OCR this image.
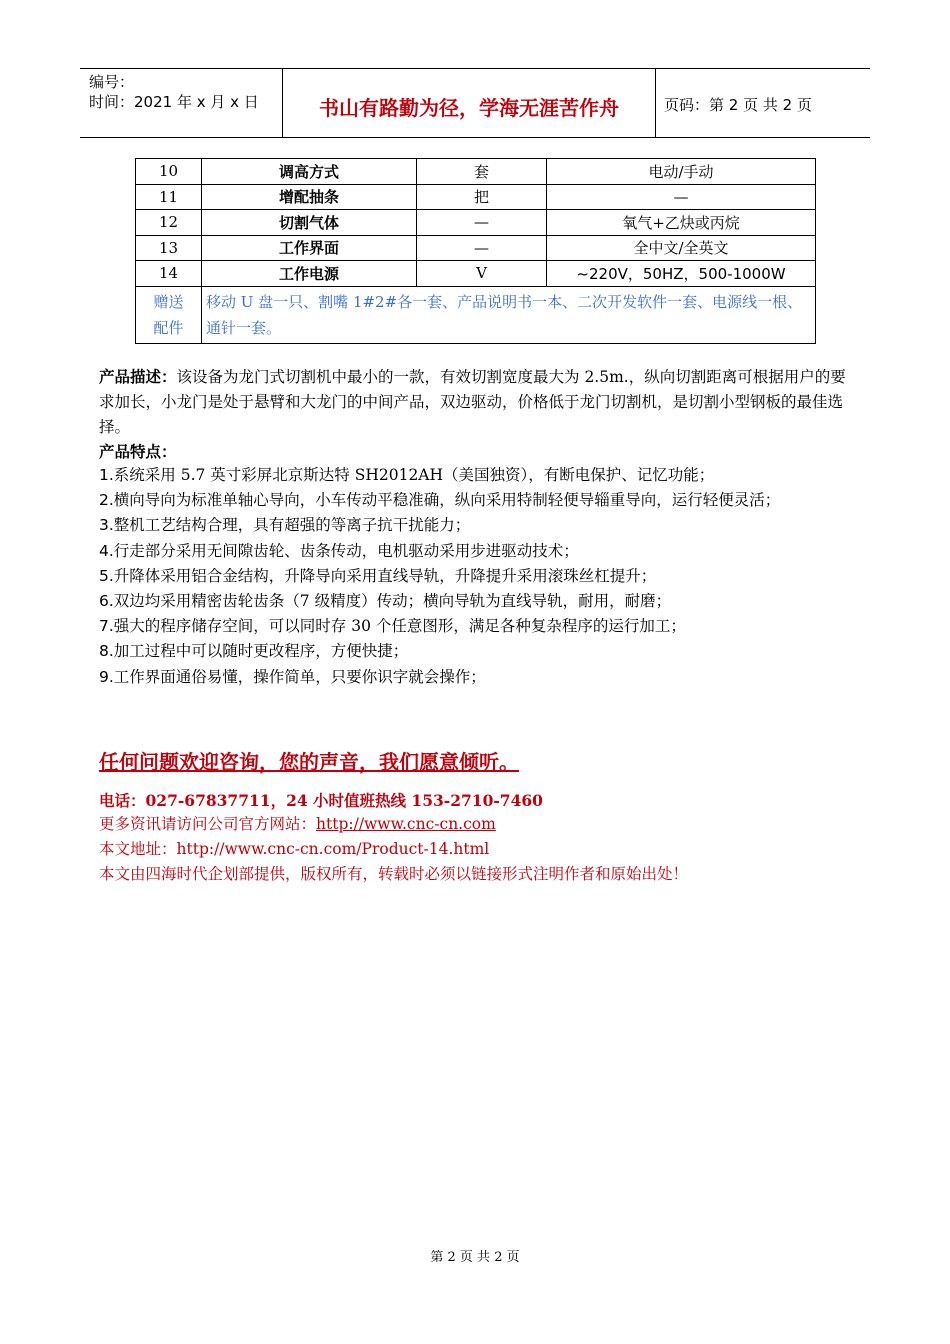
编号：
时间：2021 年 x 月 x 日	书山有路勤为径，学海无涯苦作舟	页码：第 2 页 共 2 页
10	调高方式	套	电动/手动
11	增配抽条	把	—
12	切割气体	—	氧气+乙炔或丙烷
13	工作界面	—	全中文/全英文
14	工作电源	V	~220V，50HZ，500-1000W

赠送
配件	移动 U 盘一只、割嘴 1#2#各一套、产品说明书一本、二次开发软件一套、电源线一根、通针一套。		
产品描述：该设备为龙门式切割机中最小的一款，有效切割宽度最大为 2.5m.，纵向切割距离可根据用户的要求加长，小龙门是处于悬臂和大龙门的中间产品，双边驱动，价格低于龙门切割机，是切割小型钢板的最佳选择。
产品特点：
1.系统采用 5.7 英寸彩屏北京斯达特 SH2012AH（美国独资），有断电保护、记忆功能；
2.横向导向为标准单轴心导向，小车传动平稳准确，纵向采用特制轻便导辎重导向，运行轻便灵活；
3.整机工艺结构合理，具有超强的等离子抗干扰能力；
4.行走部分采用无间隙齿轮、齿条传动，电机驱动采用步进驱动技术；
5.升降体采用铝合金结构，升降导向采用直线导轨，升降提升采用滚珠丝杠提升；
6.双边均采用精密齿轮齿条（7 级精度）传动；横向导轨为直线导轨，耐用，耐磨；
7.强大的程序储存空间，可以同时存 30 个任意图形，满足各种复杂程序的运行加工；
8.加工过程中可以随时更改程序，方便快捷；
9.工作界面通俗易懂，操作简单，只要你识字就会操作；
任何问题欢迎咨询，您的声音，我们愿意倾听。
电话：027-67837711，24 小时值班热线 153-2710-7460
更多资讯请访问公司官方网站：http://www.cnc-cn.com
本文地址：http://www.cnc-cn.com/Product-14.html
本文由四海时代企划部提供，版权所有，转载时必须以链接形式注明作者和原始出处！
第 2 页 共 2 页
